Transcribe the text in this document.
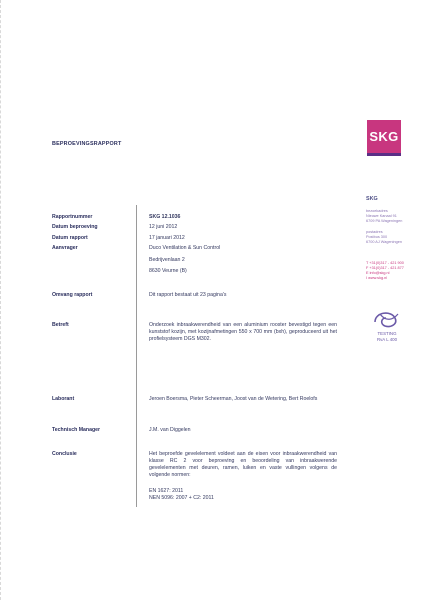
BEPROEVINGSRAPPORT	SKG
Rapportnummer	SKG 12.1036
Datum beproeving	12 juni 2012
Datum rapport	17 januari 2012
Aanvrager	Duco Ventilation & Sun Control
Bedrijvenlaan 2
8630 Veurne (B)
Omvang rapport	Dit rapport bestaat uit 23 pagina's
Betreft	Onderzoek inbraakwerendheid van een aluminium rooster bevestigd tegen een kunststof kozijn, met kozijnafmetingen 550 x 700 mm (bxh), geproduceerd uit het profielsysteem DGS M302.
Laborant	Jeroen Boersma, Pieter Scheerman, Joost van de Wetering, Bert Roelofs
Technisch Manager	J.M. van Diggelen
Conclusie	Het beproefde gevelelement voldeet aan de eisen voor inbraakwerendheid van klasse RC 2 voor beproeving en beoordeling van inbraakwerende gevelelementen met deuren, ramen, luiken en vaste vullingen volgens de volgende normen:
EN 1627: 2011
NEN 5096: 2007 + C2: 2011
SKG
bezoekadres
Nieuwe Kanaal 91
6709 PA Wageningen
postadres
Postbus 300
6700 AJ Wageningen
T +31(0)317 - 421 900
F +31(0)317 - 421 877
E info@skg.nl
I www.skg.nl
TESTING
RvA L 400
